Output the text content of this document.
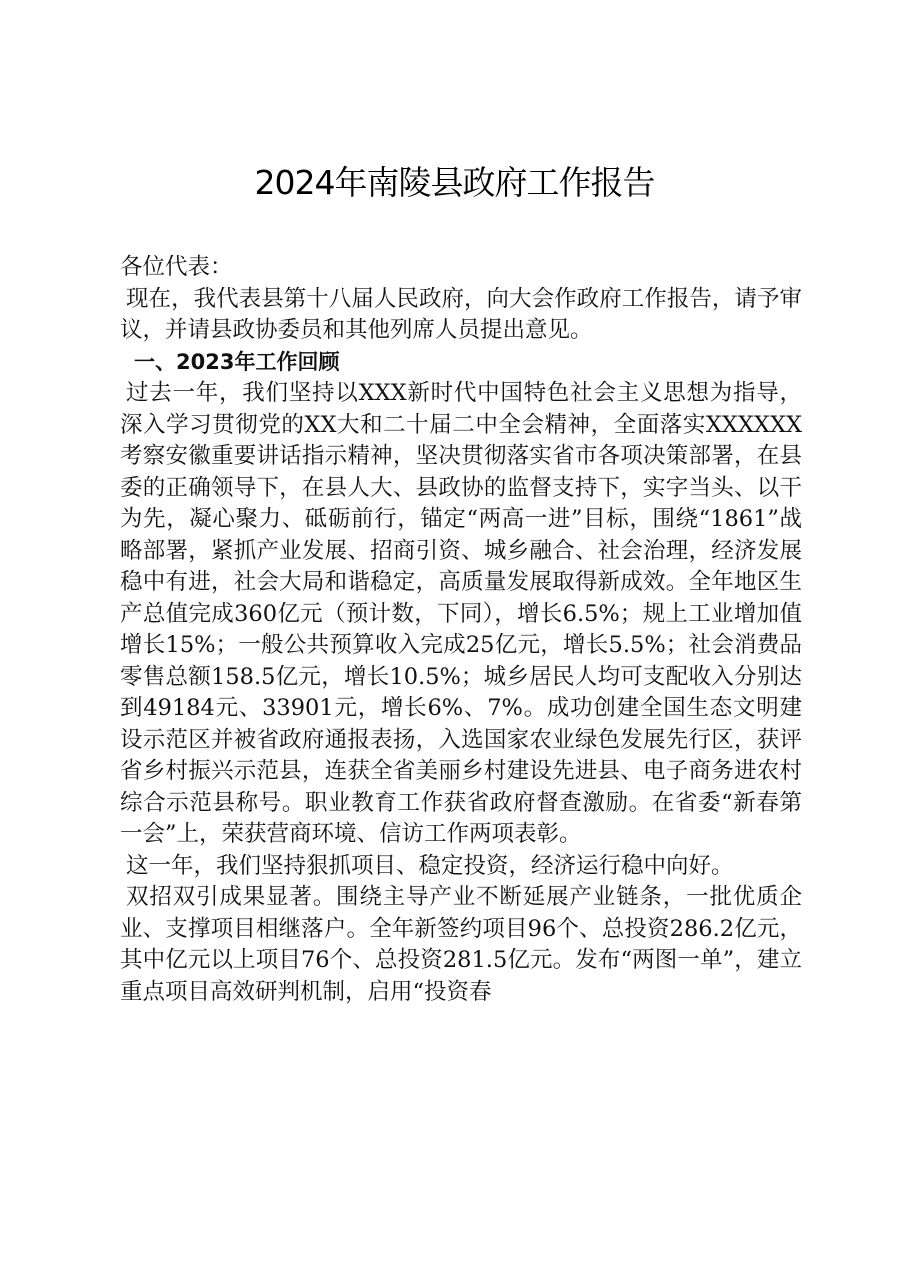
2024年南陵县政府工作报告

各位代表：

现在，我代表县第十八届人民政府，向大会作政府工作报告，请予审议，并请县政协委员和其他列席人员提出意见。

一、2023年工作回顾

过去一年，我们坚持以XXX新时代中国特色社会主义思想为指导，深入学习贯彻党的XX大和二十届二中全会精神，全面落实XXXXXX考察安徽重要讲话指示精神，坚决贯彻落实省市各项决策部署，在县委的正确领导下，在县人大、县政协的监督支持下，实字当头、以干为先，凝心聚力、砥砺前行，锚定“两高一进”目标，围绕“1861”战略部署，紧抓产业发展、招商引资、城乡融合、社会治理，经济发展稳中有进，社会大局和谐稳定，高质量发展取得新成效。全年地区生产总值完成360亿元（预计数，下同），增长6.5%；规上工业增加值增长15%；一般公共预算收入完成25亿元，增长5.5%；社会消费品零售总额158.5亿元，增长10.5%；城乡居民人均可支配收入分别达到49184元、33901元，增长6%、7%。成功创建全国生态文明建设示范区并被省政府通报表扬，入选国家农业绿色发展先行区，获评省乡村振兴示范县，连获全省美丽乡村建设先进县、电子商务进农村综合示范县称号。职业教育工作获省政府督查激励。在省委“新春第一会”上，荣获营商环境、信访工作两项表彰。

这一年，我们坚持狠抓项目、稳定投资，经济运行稳中向好。

双招双引成果显著。围绕主导产业不断延展产业链条，一批优质企业、支撑项目相继落户。全年新签约项目96个、总投资286.2亿元，其中亿元以上项目76个、总投资281.5亿元。发布“两图一单”，建立重点项目高效研判机制，启用“投资春
